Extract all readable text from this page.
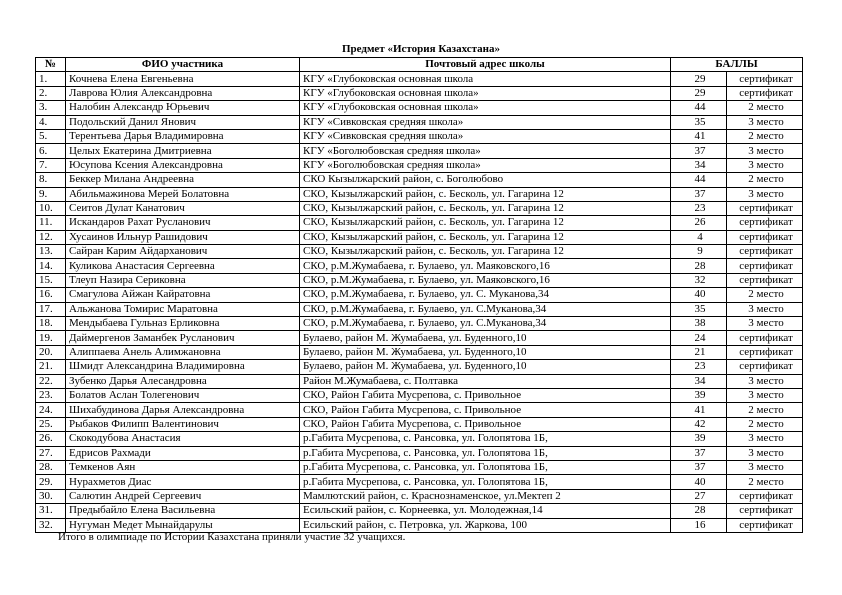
Предмет «История Казахстана»
№	ФИО участника	Почтовый адрес школы	БАЛЛЫ	
1.	Кочнева Елена Евгеньевна	КГУ «Глубоковская основная школа	29	сертификат
2.	Лаврова Юлия Александровна	КГУ «Глубоковская основная школа»	29	сертификат
3.	Налобин Александр Юрьевич	КГУ «Глубоковская основная школа»	44	2 место
4.	Подольский Данил Янович	КГУ «Сивковская средняя школа»	35	3 место
5.	Терентьева Дарья Владимировна	КГУ «Сивковская средняя школа»	41	2 место
6.	Целых Екатерина Дмитриевна	КГУ «Боголюбовская средняя школа»	37	3 место
7.	Юсупова Ксения Александровна	КГУ «Боголюбовская средняя школа»	34	3 место
8.	Беккер Милана Андреевна	СКО Кызылжарский район, с. Боголюбово	44	2 место
9.	Абильмажинова Мерей Болатовна	СКО, Кызылжарский район, с. Бесколь, ул. Гагарина 12	37	3 место
10.	Сеитов Дулат Канатович	СКО, Кызылжарский район, с. Бесколь, ул. Гагарина 12	23	сертификат
11.	Искандаров Рахат Русланович	СКО, Кызылжарский район, с. Бесколь, ул. Гагарина 12	26	сертификат
12.	Хусаинов Ильнур Рашидович	СКО, Кызылжарский район, с. Бесколь, ул. Гагарина 12	4	сертификат
13.	Сайран Карим Айдарханович	СКО, Кызылжарский район, с. Бесколь, ул. Гагарина 12	9	сертификат
14.	Куликова Анастасия Сергеевна	СКО, р.М.Жумабаева, г. Булаево, ул. Маяковского,16	28	сертификат
15.	Тлеуп Назира Сериковна	СКО, р.М.Жумабаева, г. Булаево, ул. Маяковского,16	32	сертификат
16.	Смагулова Айжан Кайратовна	СКО, р.М.Жумабаева, г. Булаево, ул. С. Муканова,34	40	2 место
17.	Альжанова Томирис Маратовна	СКО, р.М.Жумабаева, г. Булаево, ул. С.Муканова,34	35	3 место
18.	Мендыбаева Гульназ Ерликовна	СКО, р.М.Жумабаева, г. Булаево, ул. С.Муканова,34	38	3 место
19.	Даймергенов Заманбек Русланович	Булаево, район М. Жумабаева, ул. Буденного,10	24	сертификат
20.	Алиппаева Анель Алимжановна	Булаево, район М. Жумабаева, ул. Буденного,10	21	сертификат
21.	Шмидт Александрина Владимировна	Булаево, район М. Жумабаева, ул. Буденного,10	23	сертификат
22.	Зубенко Дарья Алесандровна	Район М.Жумабаева, с. Полтавка	34	3 место
23.	Болатов Аслан Толегенович	СКО, Район Габита Мусрепова, с. Привольное	39	3 место
24.	Шихабудинова Дарья Александровна	СКО, Район Габита Мусрепова, с. Привольное	41	2 место
25.	Рыбаков Филипп Валентинович	СКО, Район Габита Мусрепова, с. Привольное	42	2 место
26.	Скокодубова Анастасия	р.Габита Мусрепова, с. Рансовка, ул. Голопятова 1Б,	39	3 место
27.	Едрисов Рахмади	р.Габита Мусрепова, с. Рансовка, ул. Голопятова 1Б,	37	3 место
28.	Темкенов Аян	р.Габита Мусрепова, с. Рансовка, ул. Голопятова 1Б,	37	3 место
29.	Нурахметов Диас	р.Габита Мусрепова, с. Рансовка, ул. Голопятова 1Б,	40	2 место
30.	Салютин Андрей Сергеевич	Мамлютский район, с. Краснознаменское, ул.Мектеп 2	27	сертификат
31.	Предыбайло Елена Васильевна	Есильский район, с. Корнеевка, ул. Молодежная,14	28	сертификат
32.	Нугуман Медет Мынайдарулы	Есильский район, с. Петровка, ул. Жаркова, 100	16	сертификат
Итого в олимпиаде по Истории Казахстана приняли участие 32 учащихся.
